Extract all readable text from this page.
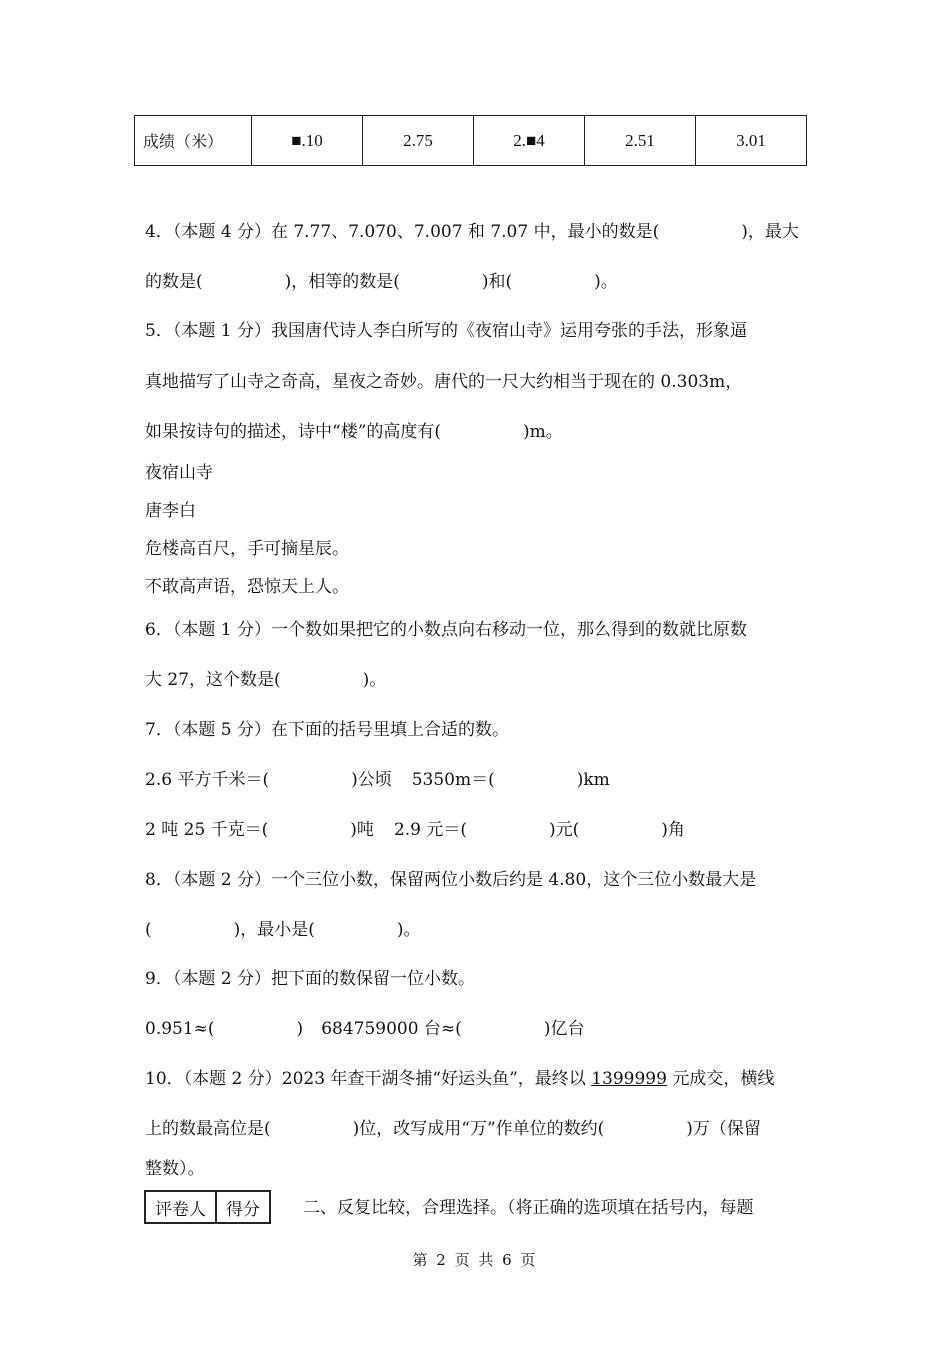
成绩（米）	■.10	2.75	2.■4	2.51	3.01
4．（本题 4 分）在 7.77、7.070、7.007 和 7.07 中，最小的数是(	)，最大
的数是(	)，相等的数是(	)和(	)。
5．（本题 1 分）我国唐代诗人李白所写的《夜宿山寺》运用夸张的手法，形象逼
真地描写了山寺之奇高，星夜之奇妙。唐代的一尺大约相当于现在的 0.303m，
如果按诗句的描述，诗中“楼”的高度有(	)m。
夜宿山寺
唐李白
危楼高百尺，手可摘星辰。
不敢高声语，恐惊天上人。
6．（本题 1 分）一个数如果把它的小数点向右移动一位，那么得到的数就比原数
大 27，这个数是(	)。
7．（本题 5 分）在下面的括号里填上合适的数。
2.6 平方千米＝(	)公顷 5350m＝(	)km
2 吨 25 千克＝(	)吨 2.9 元＝(	)元(	)角
8．（本题 2 分）一个三位小数，保留两位小数后约是 4.80，这个三位小数最大是
(	)，最小是(	)。
9．（本题 2 分）把下面的数保留一位小数。
0.951≈(	) 684759000 台≈(	)亿台
10．（本题 2 分）2023 年查干湖冬捕“好运头鱼”，最终以 1399999 元成交，横线
上的数最高位是(	)位，改写成用“万”作单位的数约(	)万（保留
整数）。
评卷人	得分	二、反复比较，合理选择。（将正确的选项填在括号内，每题
第 2 页 共 6 页
